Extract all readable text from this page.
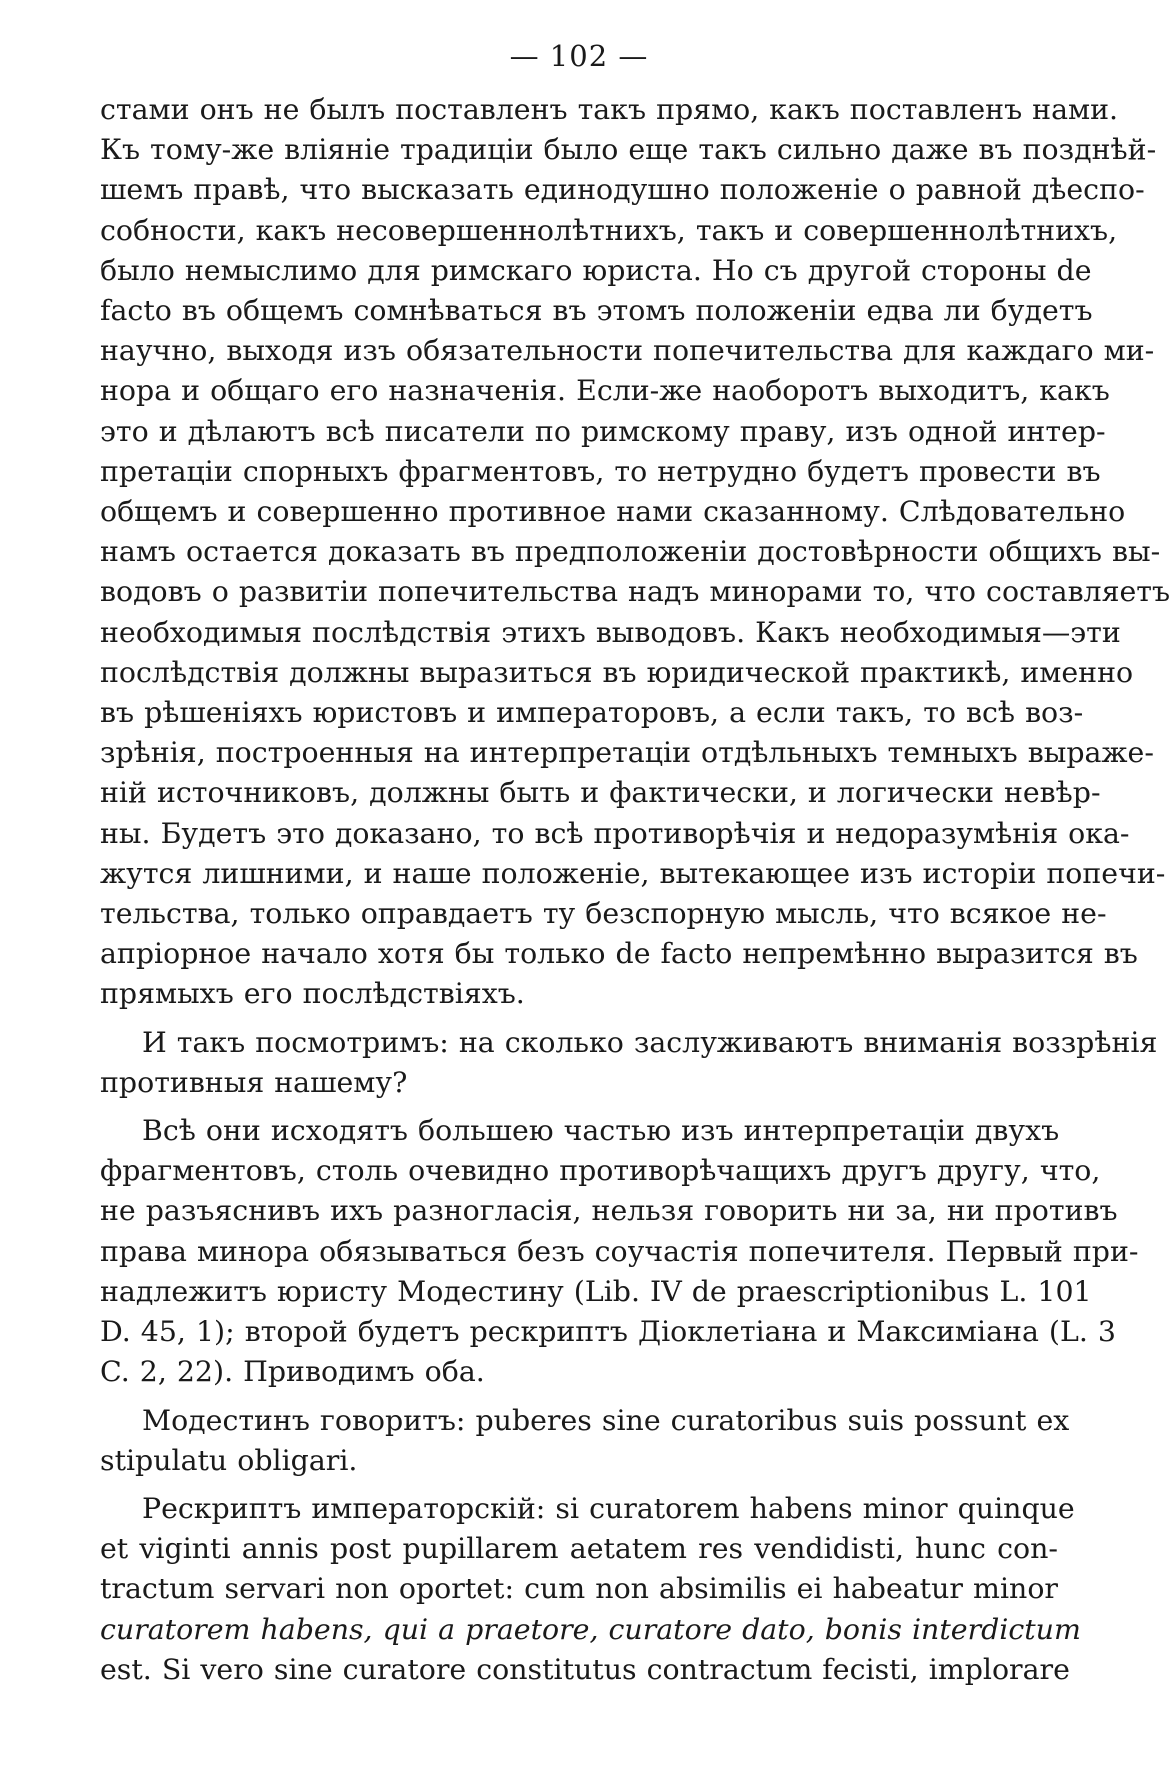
— 102 —
стами онъ не былъ поставленъ такъ прямо, какъ поставленъ нами.
Къ тому-же вліяніе традиціи было еще такъ сильно даже въ позднѣй-
шемъ правѣ, что высказать единодушно положеніе о равной дѣеспо-
собности, какъ несовершеннолѣтнихъ, такъ и совершеннолѣтнихъ,
было немыслимо для римскаго юриста. Но съ другой стороны de
facto въ общемъ сомнѣваться въ этомъ положеніи едва ли будетъ
научно, выходя изъ обязательности попечительства для каждаго ми-
нора и общаго его назначенія. Если-же наоборотъ выходитъ, какъ
это и дѣлаютъ всѣ писатели по римскому праву, изъ одной интер-
претаціи спорныхъ фрагментовъ, то нетрудно будетъ провести въ
общемъ и совершенно противное нами сказанному. Слѣдовательно
намъ остается доказать въ предположеніи достовѣрности общихъ вы-
водовъ о развитіи попечительства надъ минорами то, что составляетъ
необходимыя послѣдствія этихъ выводовъ. Какъ необходимыя—эти
послѣдствія должны выразиться въ юридической практикѣ, именно
въ рѣшеніяхъ юристовъ и императоровъ, а если такъ, то всѣ воз-
зрѣнія, построенныя на интерпретаціи отдѣльныхъ темныхъ выраже-
ній источниковъ, должны быть и фактически, и логически невѣр-
ны. Будетъ это доказано, то всѣ противорѣчія и недоразумѣнія ока-
жутся лишними, и наше положеніе, вытекающее изъ исторіи попечи-
тельства, только оправдаетъ ту безспорную мысль, что всякое не-
апріорное начало хотя бы только de facto непремѣнно выразится въ
прямыхъ его послѣдствіяхъ.
И такъ посмотримъ: на сколько заслуживаютъ вниманія воззрѣнія
противныя нашему?
Всѣ они исходятъ большею частью изъ интерпретаціи двухъ
фрагментовъ, столь очевидно противорѣчащихъ другъ другу, что,
не разъяснивъ ихъ разногласія, нельзя говорить ни за, ни противъ
права минора обязываться безъ соучастія попечителя. Первый при-
надлежитъ юристу Модестину (Lib. IV de praescriptionibus L. 101
D. 45, 1); второй будетъ рескриптъ Діоклетіана и Максиміана (L. 3
C. 2, 22). Приводимъ оба.
Модестинъ говоритъ: puberes sine curatoribus suis possunt ex
stipulatu obligari.
Рескриптъ императорскій: si curatorem habens minor quinque
et viginti annis post pupillarem aetatem res vendidisti, hunc con-
tractum servari non oportet: cum non absimilis ei habeatur minor
curatorem habens, qui a praetore, curatore dato, bonis interdictum
est. Si vero sine curatore constitutus contractum fecisti, implorare
